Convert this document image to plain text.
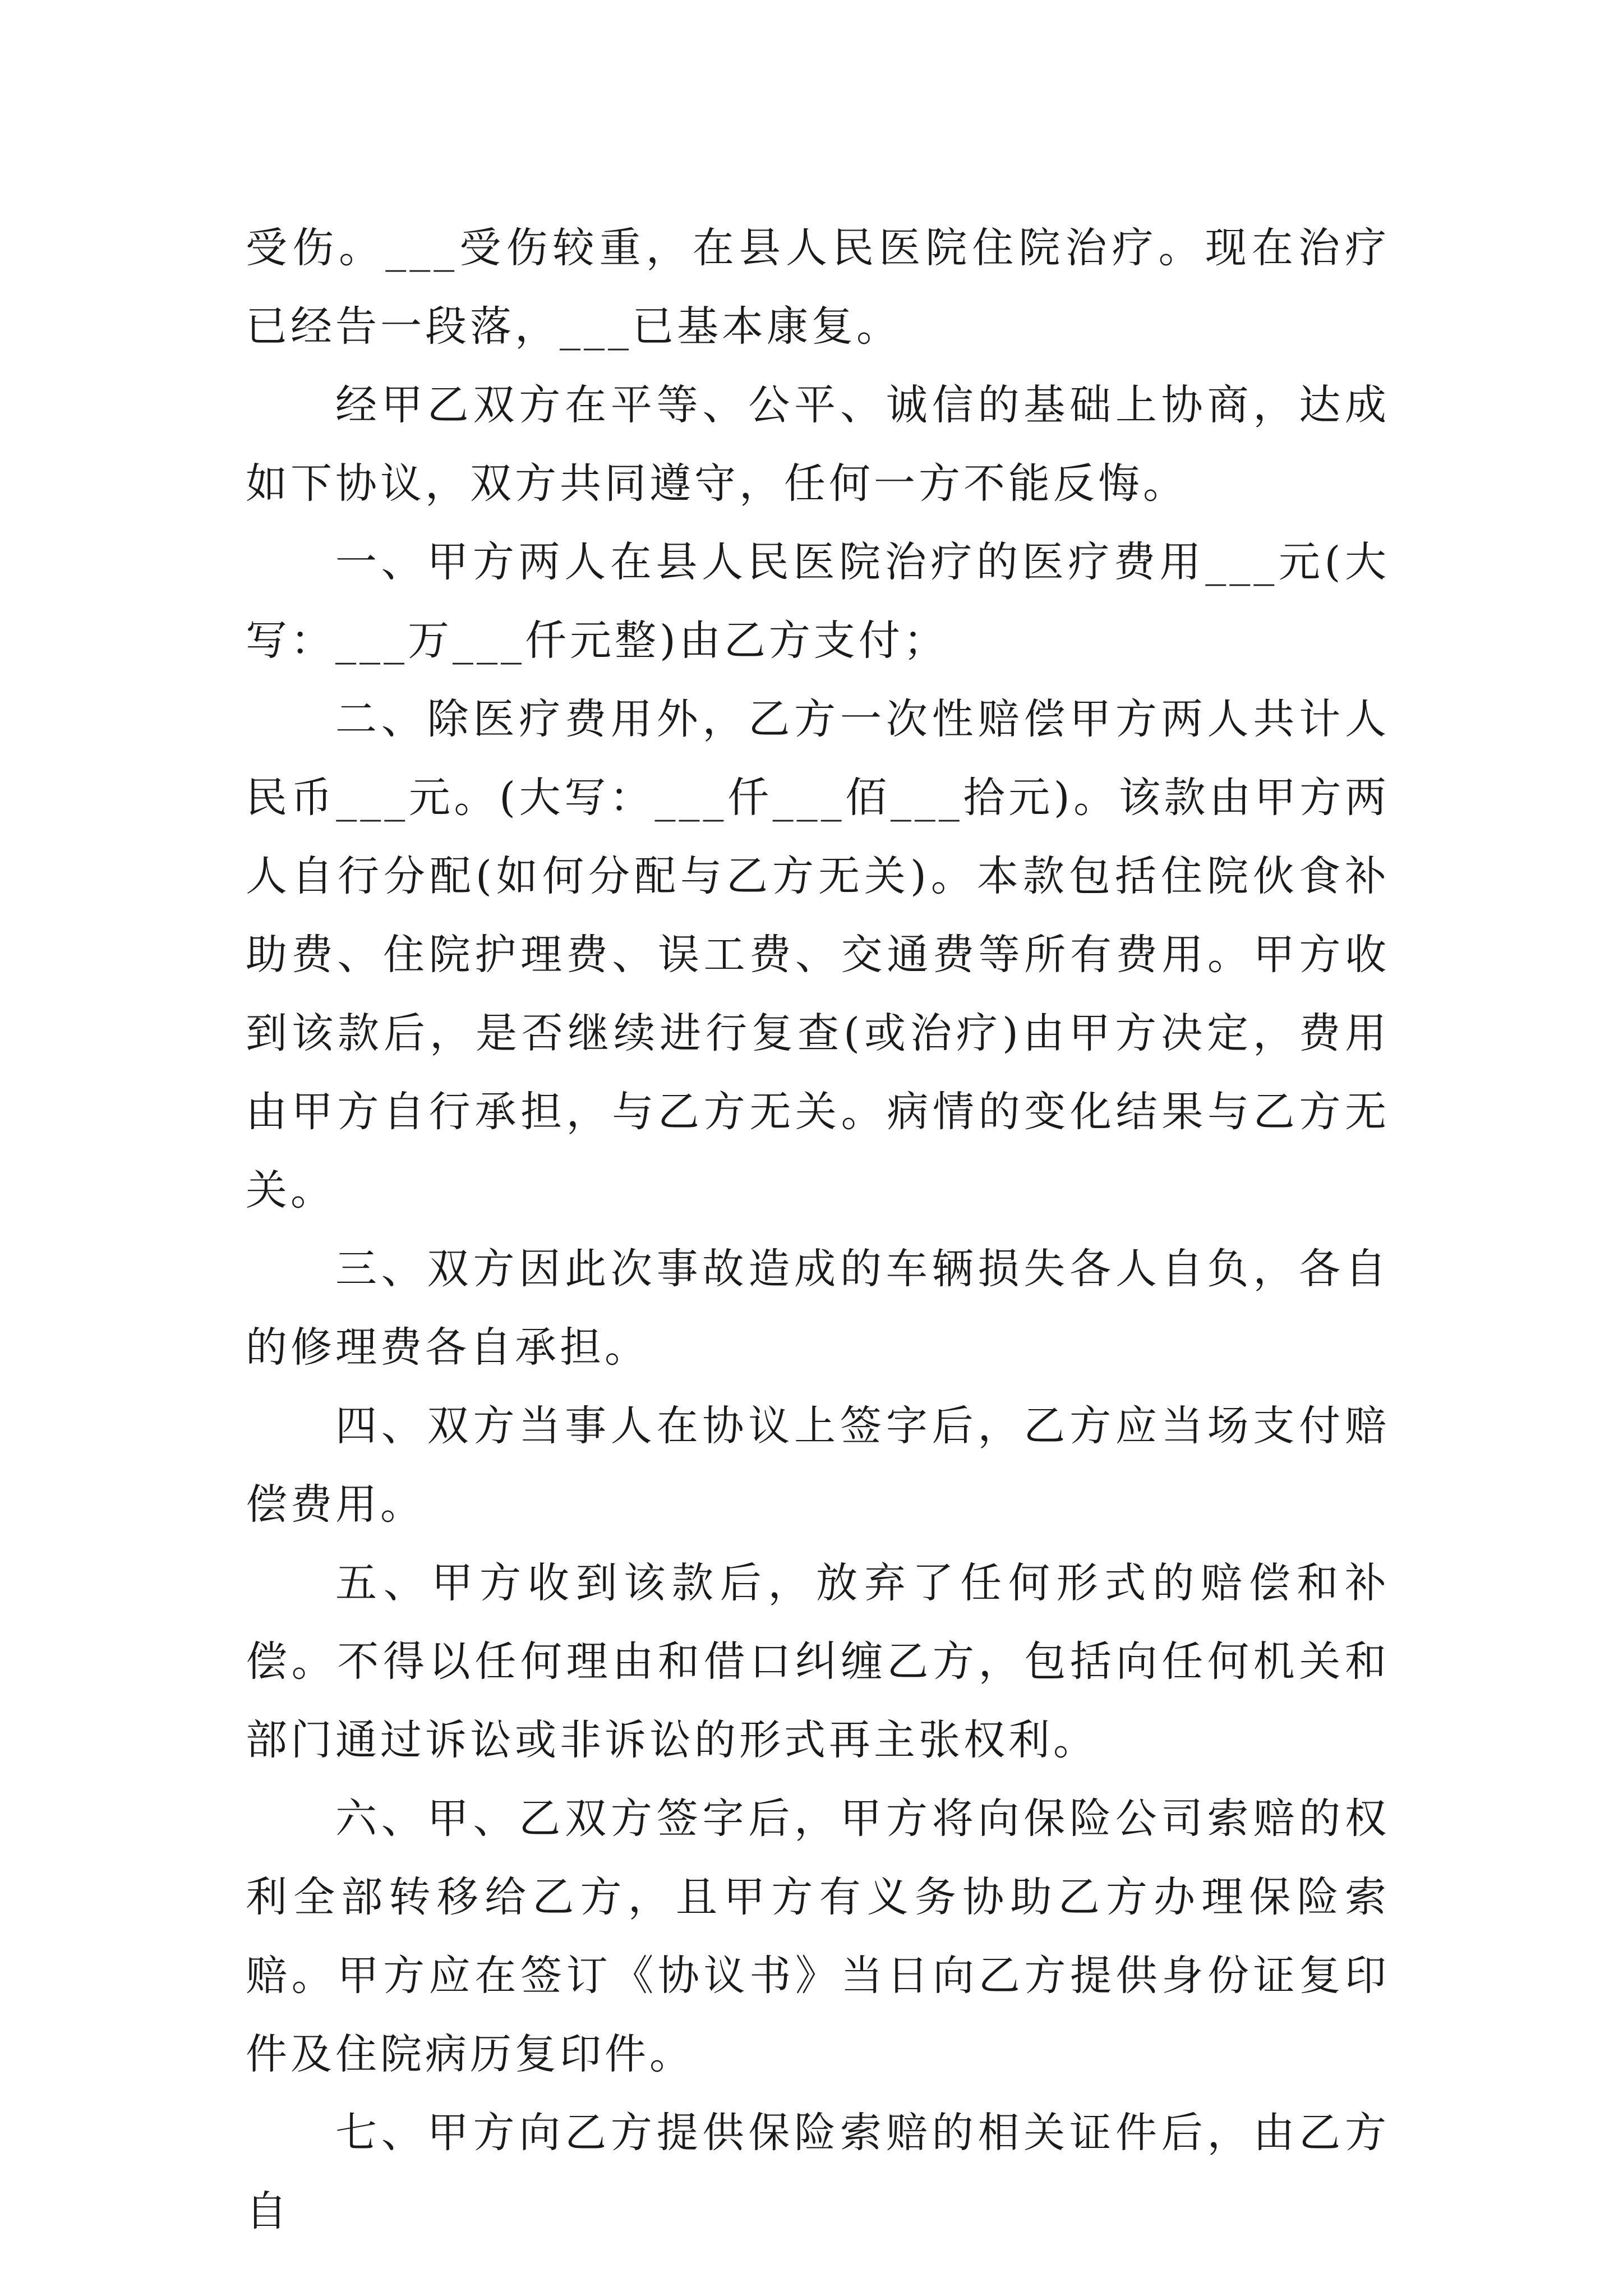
受伤。___受伤较重，在县人民医院住院治疗。现在治疗已经告一段落，___已基本康复。

经甲乙双方在平等、公平、诚信的基础上协商，达成如下协议，双方共同遵守，任何一方不能反悔。

一、甲方两人在县人民医院治疗的医疗费用___元(大写：___万___仟元整)由乙方支付；

二、除医疗费用外，乙方一次性赔偿甲方两人共计人民币___元。(大写：___仟___佰___拾元)。该款由甲方两人自行分配(如何分配与乙方无关)。本款包括住院伙食补助费、住院护理费、误工费、交通费等所有费用。甲方收到该款后，是否继续进行复查(或治疗)由甲方决定，费用由甲方自行承担，与乙方无关。病情的变化结果与乙方无关。

三、双方因此次事故造成的车辆损失各人自负，各自的修理费各自承担。

四、双方当事人在协议上签字后，乙方应当场支付赔偿费用。

五、甲方收到该款后，放弃了任何形式的赔偿和补偿。不得以任何理由和借口纠缠乙方，包括向任何机关和部门通过诉讼或非诉讼的形式再主张权利。

六、甲、乙双方签字后，甲方将向保险公司索赔的权利全部转移给乙方，且甲方有义务协助乙方办理保险索赔。甲方应在签订《协议书》当日向乙方提供身份证复印件及住院病历复印件。

七、甲方向乙方提供保险索赔的相关证件后，由乙方自
